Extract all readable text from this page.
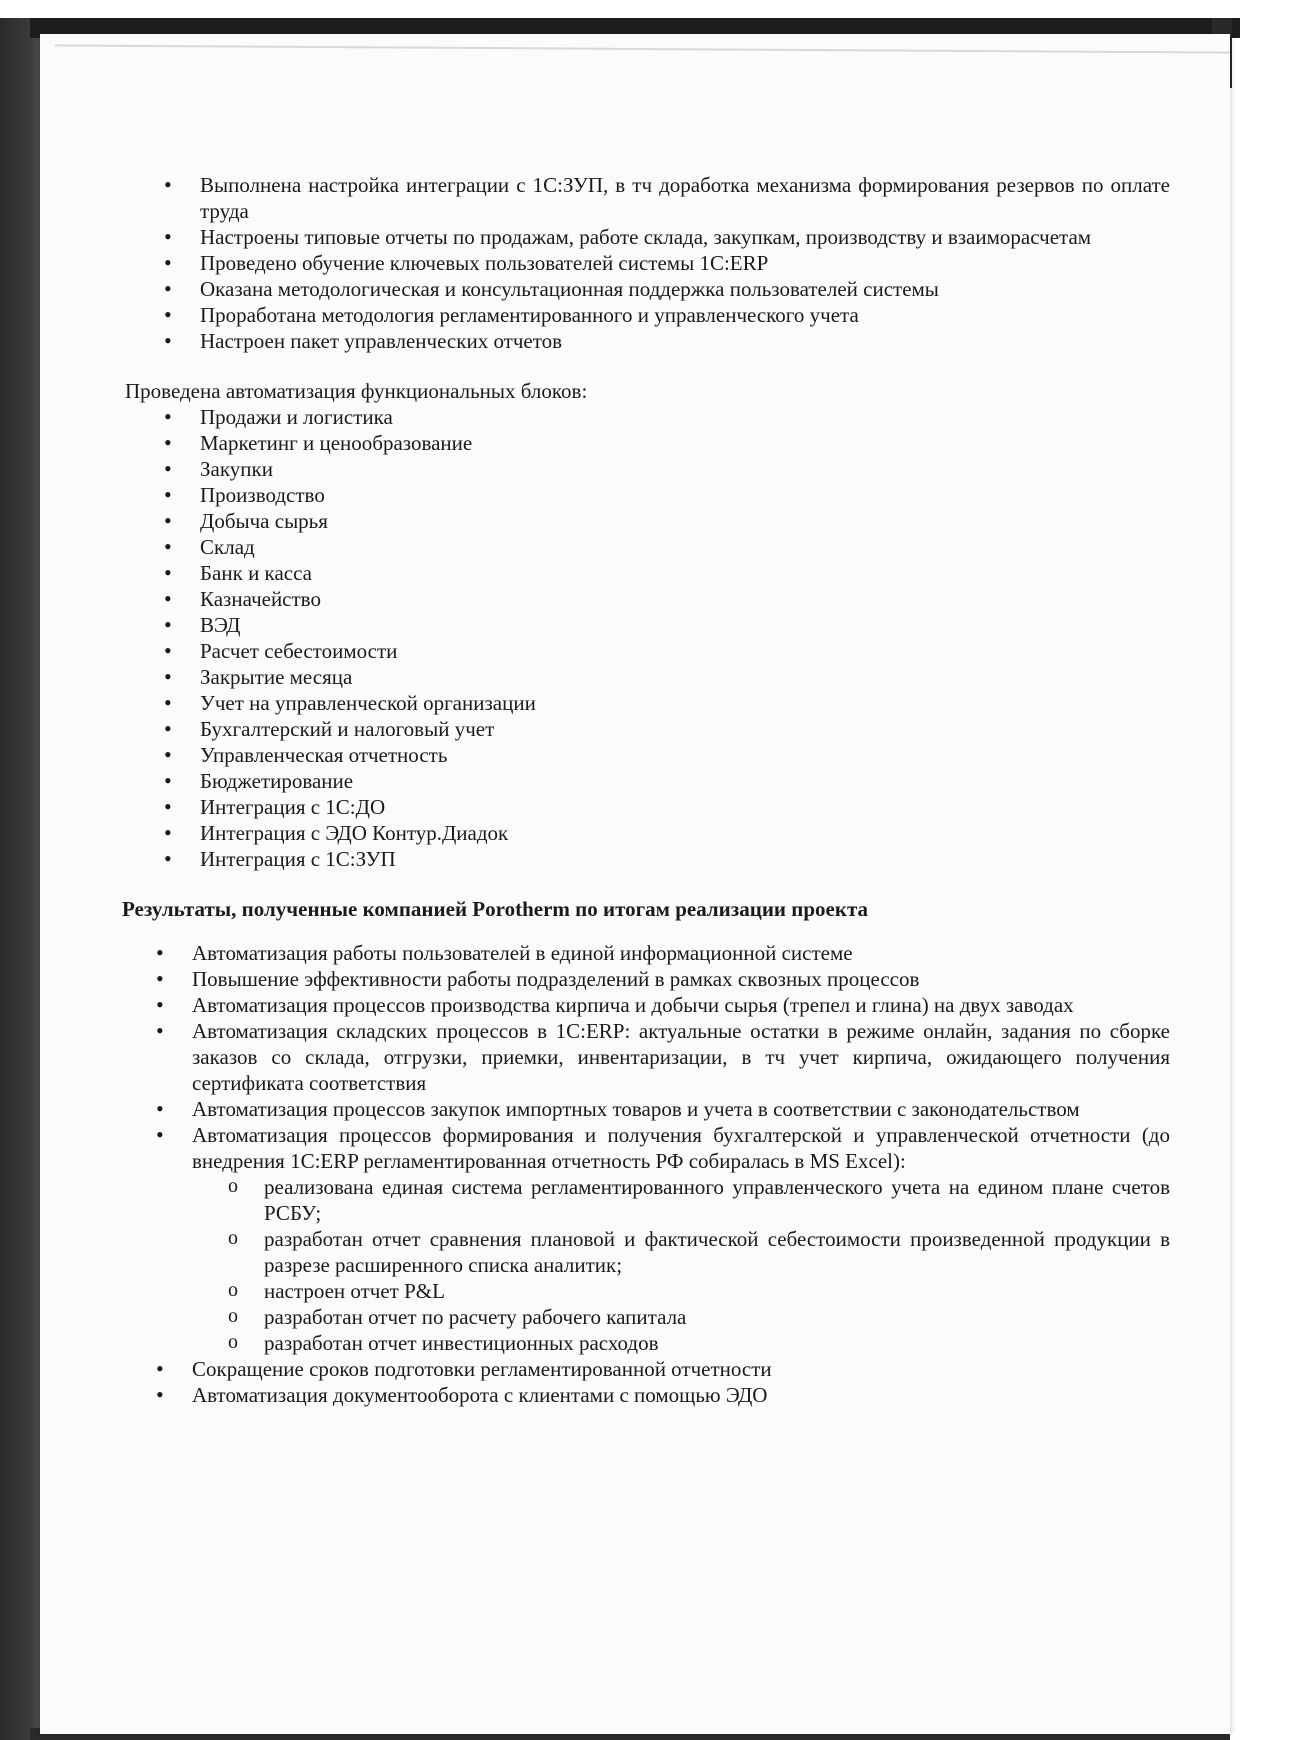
• Выполнена настройка интеграции с 1С:ЗУП, в тч доработка механизма формирования резервов по оплате труда
• Настроены типовые отчеты по продажам, работе склада, закупкам, производству и взаиморасчетам
• Проведено обучение ключевых пользователей системы 1С:ERP
• Оказана методологическая и консультационная поддержка пользователей системы
• Проработана методология регламентированного и управленческого учета
• Настроен пакет управленческих отчетов

Проведена автоматизация функциональных блоков:

• Продажи и логистика
• Маркетинг и ценообразование
• Закупки
• Производство
• Добыча сырья
• Склад
• Банк и касса
• Казначейство
• ВЭД
• Расчет себестоимости
• Закрытие месяца
• Учет на управленческой организации
• Бухгалтерский и налоговый учет
• Управленческая отчетность
• Бюджетирование
• Интеграция с 1С:ДО
• Интеграция с ЭДО Контур.Диадок
• Интеграция с 1С:ЗУП

Результаты, полученные компанией Porotherm по итогам реализации проекта

• Автоматизация работы пользователей в единой информационной системе
• Повышение эффективности работы подразделений в рамках сквозных процессов
• Автоматизация процессов производства кирпича и добычи сырья (трепел и глина) на двух заводах
• Автоматизация складских процессов в 1С:ERP: актуальные остатки в режиме онлайн, задания по сборке заказов со склада, отгрузки, приемки, инвентаризации, в тч учет кирпича, ожидающего получения сертификата соответствия
• Автоматизация процессов закупок импортных товаров и учета в соответствии с законодательством
• Автоматизация процессов формирования и получения бухгалтерской и управленческой отчетности (до внедрения 1С:ERP регламентированная отчетность РФ собиралась в MS Excel):
o реализована единая система регламентированного управленческого учета на едином плане счетов РСБУ;
o разработан отчет сравнения плановой и фактической себестоимости произведенной продукции в разрезе расширенного списка аналитик;
o настроен отчет P&L
o разработан отчет по расчету рабочего капитала
o разработан отчет инвестиционных расходов
• Сокращение сроков подготовки регламентированной отчетности
• Автоматизация документооборота с клиентами с помощью ЭДО
